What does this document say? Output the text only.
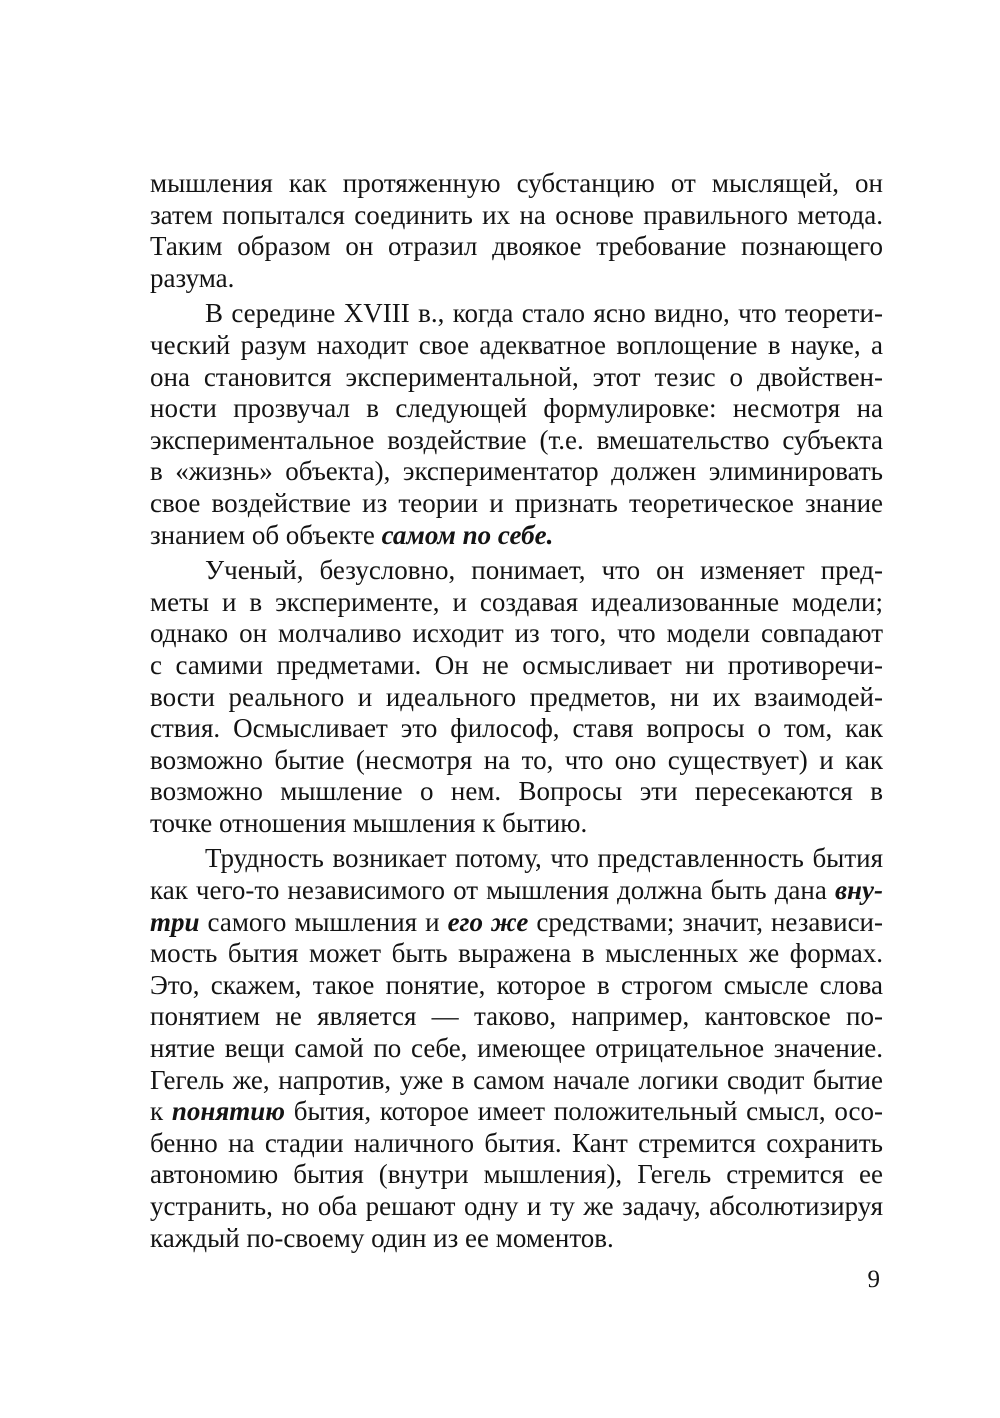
мышления как протяженную субстанцию от мыслящей, он
затем попытался соединить их на основе правильного метода.
Таким образом он отразил двоякое требование познающего
разума.
В середине XVIII в., когда стало ясно видно, что теорети-
ческий разум находит свое адекватное воплощение в науке, а
она становится экспериментальной, этот тезис о двойствен-
ности прозвучал в следующей формулировке: несмотря на
экспериментальное воздействие (т.е. вмешательство субъекта
в «жизнь» объекта), экспериментатор должен элиминировать
свое воздействие из теории и признать теоретическое знание
знанием об объекте самом по себе.
Ученый, безусловно, понимает, что он изменяет пред-
меты и в эксперименте, и создавая идеализованные модели;
однако он молчаливо исходит из того, что модели совпадают
с самими предметами. Он не осмысливает ни противоречи-
вости реального и идеального предметов, ни их взаимодей-
ствия. Осмысливает это философ, ставя вопросы о том, как
возможно бытие (несмотря на то, что оно существует) и как
возможно мышление о нем. Вопросы эти пересекаются в
точке отношения мышления к бытию.
Трудность возникает потому, что представленность бытия
как чего-то независимого от мышления должна быть дана вну-
три самого мышления и его же средствами; значит, независи-
мость бытия может быть выражена в мысленных же формах.
Это, скажем, такое понятие, которое в строгом смысле слова
понятием не является — таково, например, кантовское по-
нятие вещи самой по себе, имеющее отрицательное значение.
Гегель же, напротив, уже в самом начале логики сводит бытие
к понятию бытия, которое имеет положительный смысл, осо-
бенно на стадии наличного бытия. Кант стремится сохранить
автономию бытия (внутри мышления), Гегель стремится ее
устранить, но оба решают одну и ту же задачу, абсолютизируя
каждый по-своему один из ее моментов.
9
